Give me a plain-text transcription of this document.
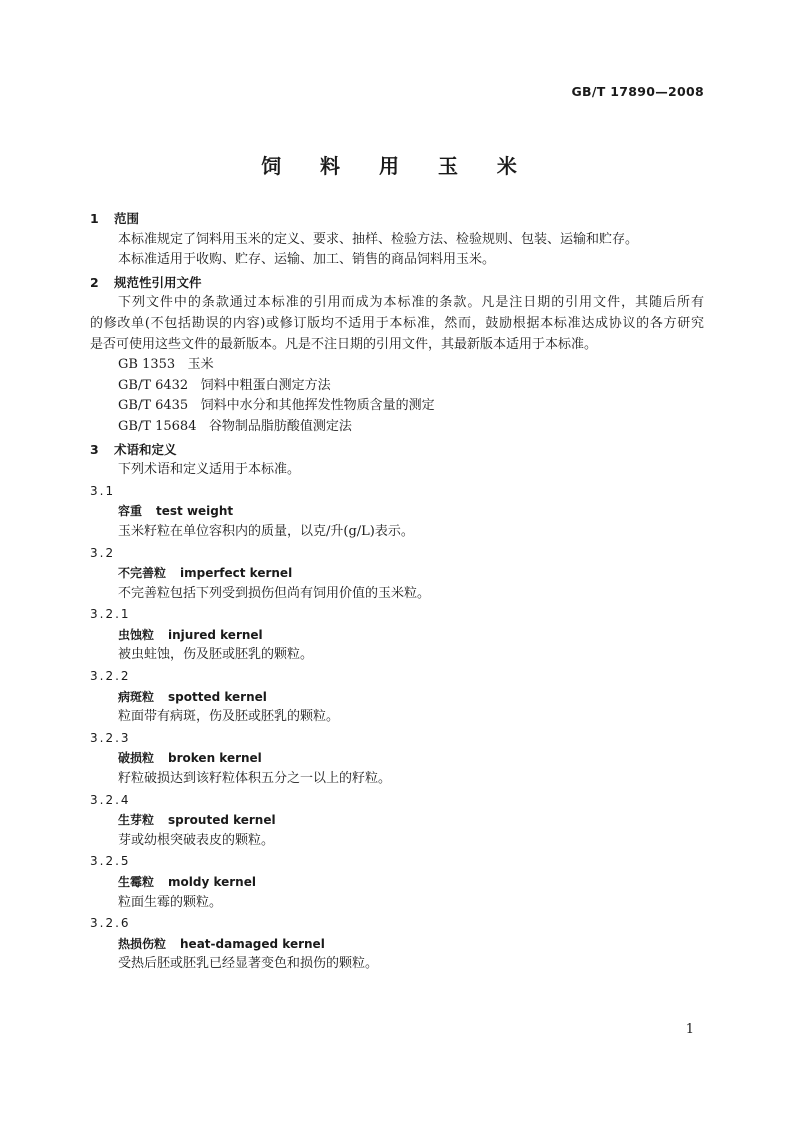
GB/T 17890—2008
饲 料 用 玉 米
1 范围
本标准规定了饲料用玉米的定义、要求、抽样、检验方法、检验规则、包装、运输和贮存。
本标准适用于收购、贮存、运输、加工、销售的商品饲料用玉米。
2 规范性引用文件
下列文件中的条款通过本标准的引用而成为本标准的条款。凡是注日期的引用文件，其随后所有
的修改单(不包括勘误的内容)或修订版均不适用于本标准，然而，鼓励根据本标准达成协议的各方研究
是否可使用这些文件的最新版本。凡是不注日期的引用文件，其最新版本适用于本标准。
GB 1353 玉米
GB/T 6432 饲料中粗蛋白测定方法
GB/T 6435 饲料中水分和其他挥发性物质含量的测定
GB/T 15684 谷物制品脂肪酸值测定法
3 术语和定义
下列术语和定义适用于本标准。
3.1
容重 test weight
玉米籽粒在单位容积内的质量，以克/升(g/L)表示。
3.2
不完善粒 imperfect kernel
不完善粒包括下列受到损伤但尚有饲用价值的玉米粒。
3.2.1
虫蚀粒 injured kernel
被虫蛀蚀，伤及胚或胚乳的颗粒。
3.2.2
病斑粒 spotted kernel
粒面带有病斑，伤及胚或胚乳的颗粒。
3.2.3
破损粒 broken kernel
籽粒破损达到该籽粒体积五分之一以上的籽粒。
3.2.4
生芽粒 sprouted kernel
芽或幼根突破表皮的颗粒。
3.2.5
生霉粒 moldy kernel
粒面生霉的颗粒。
3.2.6
热损伤粒 heat-damaged kernel
受热后胚或胚乳已经显著变色和损伤的颗粒。
1
